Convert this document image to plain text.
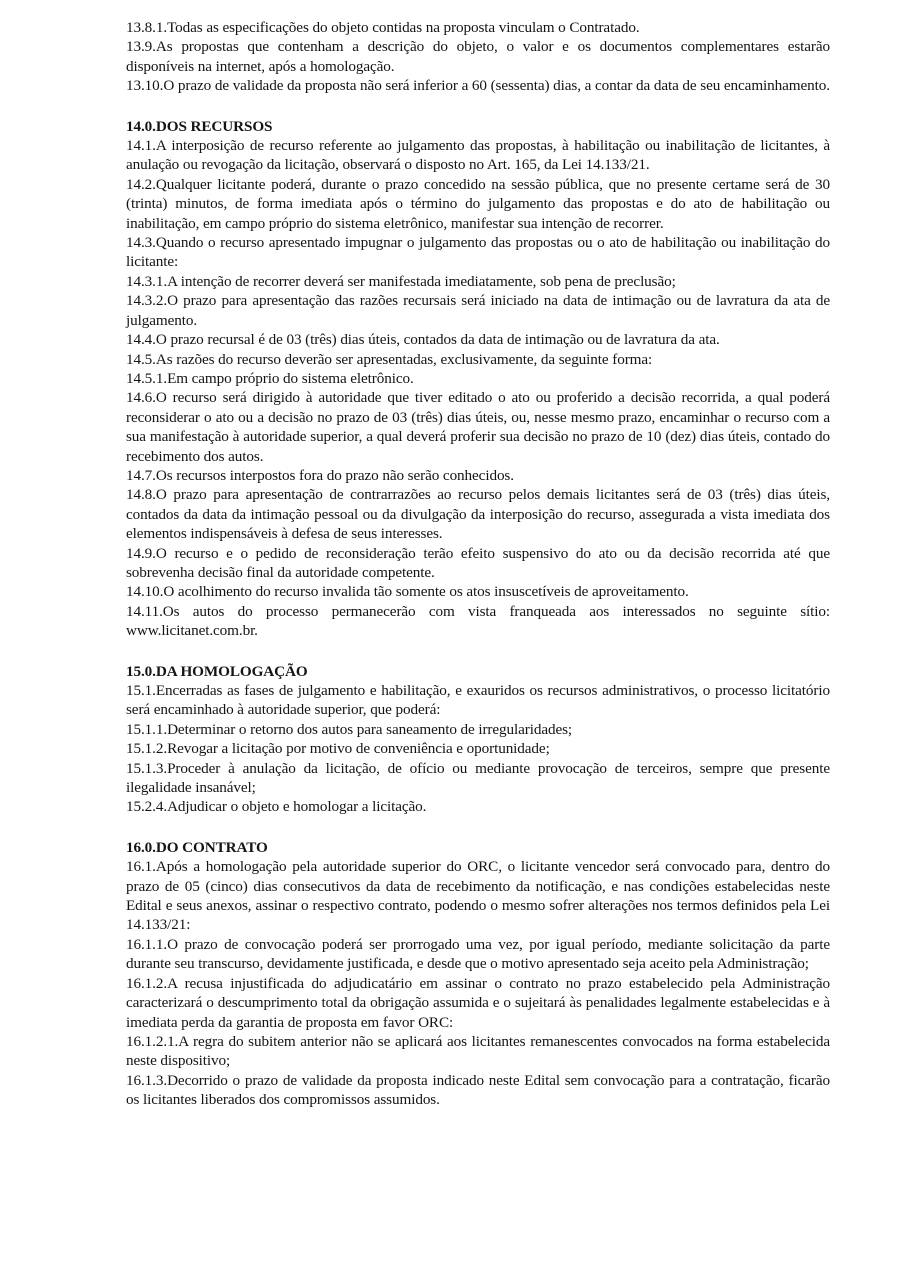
13.8.1.Todas as especificações do objeto contidas na proposta vinculam o Contratado.

13.9.As propostas que contenham a descrição do objeto, o valor e os documentos complementares estarão disponíveis na internet, após a homologação.

13.10.O prazo de validade da proposta não será inferior a 60 (sessenta) dias, a contar da data de seu encaminhamento.

14.0.DOS RECURSOS

14.1.A interposição de recurso referente ao julgamento das propostas, à habilitação ou inabilitação de licitantes, à anulação ou revogação da licitação, observará o disposto no Art. 165, da Lei 14.133/21.

14.2.Qualquer licitante poderá, durante o prazo concedido na sessão pública, que no presente certame será de 30 (trinta) minutos, de forma imediata após o término do julgamento das propostas e do ato de habilitação ou inabilitação, em campo próprio do sistema eletrônico, manifestar sua intenção de recorrer.

14.3.Quando o recurso apresentado impugnar o julgamento das propostas ou o ato de habilitação ou inabilitação do licitante:

14.3.1.A intenção de recorrer deverá ser manifestada imediatamente, sob pena de preclusão;

14.3.2.O prazo para apresentação das razões recursais será iniciado na data de intimação ou de lavratura da ata de julgamento.

14.4.O prazo recursal é de 03 (três) dias úteis, contados da data de intimação ou de lavratura da ata.

14.5.As razões do recurso deverão ser apresentadas, exclusivamente, da seguinte forma:

14.5.1.Em campo próprio do sistema eletrônico.

14.6.O recurso será dirigido à autoridade que tiver editado o ato ou proferido a decisão recorrida, a qual poderá reconsiderar o ato ou a decisão no prazo de 03 (três) dias úteis, ou, nesse mesmo prazo, encaminhar o recurso com a sua manifestação à autoridade superior, a qual deverá proferir sua decisão no prazo de 10 (dez) dias úteis, contado do recebimento dos autos.

14.7.Os recursos interpostos fora do prazo não serão conhecidos.

14.8.O prazo para apresentação de contrarrazões ao recurso pelos demais licitantes será de 03 (três) dias úteis, contados da data da intimação pessoal ou da divulgação da interposição do recurso, assegurada a vista imediata dos elementos indispensáveis à defesa de seus interesses.

14.9.O recurso e o pedido de reconsideração terão efeito suspensivo do ato ou da decisão recorrida até que sobrevenha decisão final da autoridade competente.

14.10.O acolhimento do recurso invalida tão somente os atos insuscetíveis de aproveitamento.

14.11.Os autos do processo permanecerão com vista franqueada aos interessados no seguinte sítio: www.licitanet.com.br.

15.0.DA HOMOLOGAÇÃO

15.1.Encerradas as fases de julgamento e habilitação, e exauridos os recursos administrativos, o processo licitatório será encaminhado à autoridade superior, que poderá:

15.1.1.Determinar o retorno dos autos para saneamento de irregularidades;

15.1.2.Revogar a licitação por motivo de conveniência e oportunidade;

15.1.3.Proceder à anulação da licitação, de ofício ou mediante provocação de terceiros, sempre que presente ilegalidade insanável;

15.2.4.Adjudicar o objeto e homologar a licitação.

16.0.DO CONTRATO

16.1.Após a homologação pela autoridade superior do ORC, o licitante vencedor será convocado para, dentro do prazo de 05 (cinco) dias consecutivos da data de recebimento da notificação, e nas condições estabelecidas neste Edital e seus anexos, assinar o respectivo contrato, podendo o mesmo sofrer alterações nos termos definidos pela Lei 14.133/21:

16.1.1.O prazo de convocação poderá ser prorrogado uma vez, por igual período, mediante solicitação da parte durante seu transcurso, devidamente justificada, e desde que o motivo apresentado seja aceito pela Administração;

16.1.2.A recusa injustificada do adjudicatário em assinar o contrato no prazo estabelecido pela Administração caracterizará o descumprimento total da obrigação assumida e o sujeitará às penalidades legalmente estabelecidas e à imediata perda da garantia de proposta em favor ORC:

16.1.2.1.A regra do subitem anterior não se aplicará aos licitantes remanescentes convocados na forma estabelecida neste dispositivo;

16.1.3.Decorrido o prazo de validade da proposta indicado neste Edital sem convocação para a contratação, ficarão os licitantes liberados dos compromissos assumidos.
